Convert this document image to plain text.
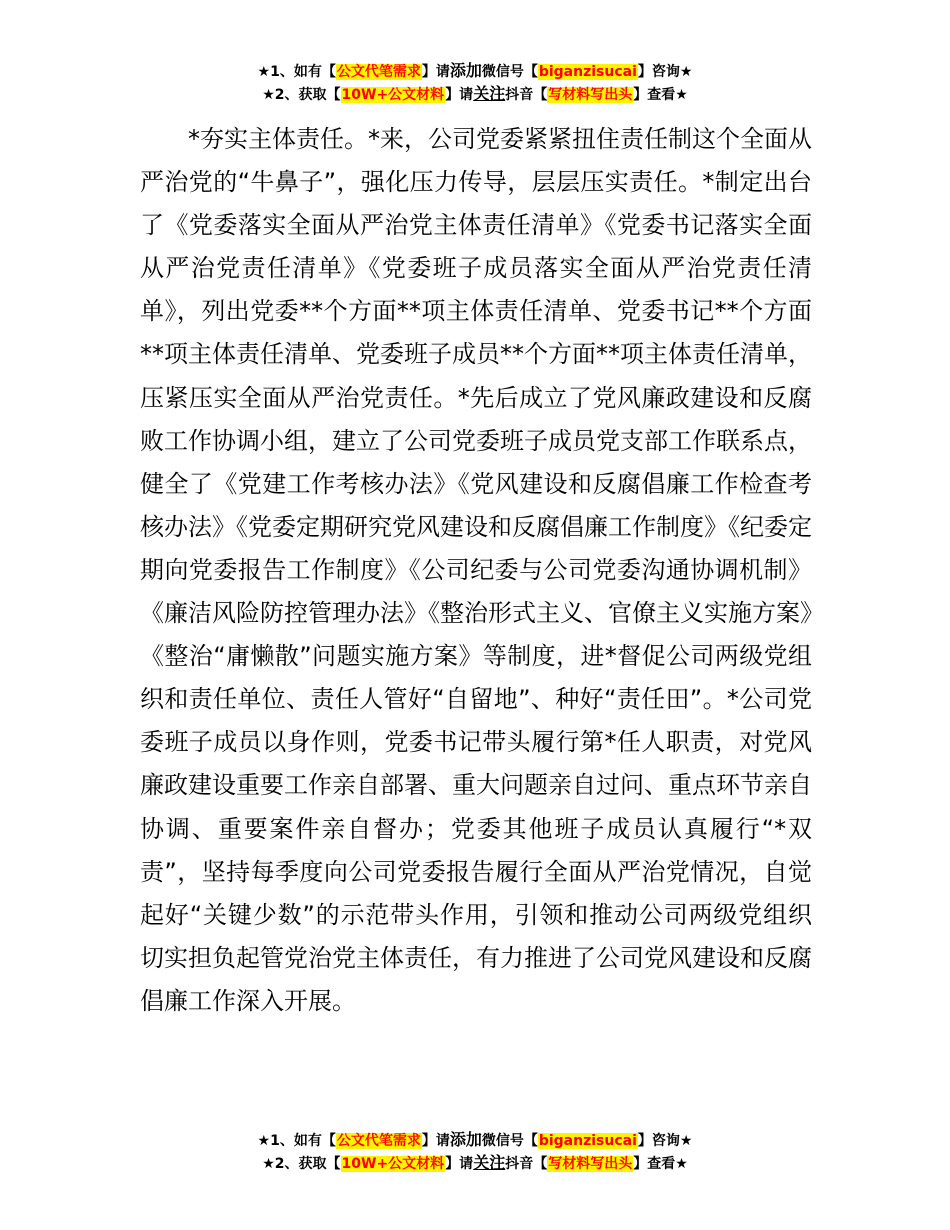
★1、如有【公文代笔需求】请添加微信号【biganzisucai】咨询★
★2、获取【10W+公文材料】请关注抖音【写材料写出头】查看★

*夯实主体责任。*来，公司党委紧紧扭住责任制这个全面从严治党的“牛鼻子”，强化压力传导，层层压实责任。*制定出台了《党委落实全面从严治党主体责任清单》《党委书记落实全面从严治党责任清单》《党委班子成员落实全面从严治党责任清单》，列出党委**个方面**项主体责任清单、党委书记**个方面**项主体责任清单、党委班子成员**个方面**项主体责任清单，压紧压实全面从严治党责任。*先后成立了党风廉政建设和反腐败工作协调小组，建立了公司党委班子成员党支部工作联系点，健全了《党建工作考核办法》《党风建设和反腐倡廉工作检查考核办法》《党委定期研究党风建设和反腐倡廉工作制度》《纪委定期向党委报告工作制度》《公司纪委与公司党委沟通协调机制》《廉洁风险防控管理办法》《整治形式主义、官僚主义实施方案》《整治“庸懒散”问题实施方案》等制度，进*督促公司两级党组织和责任单位、责任人管好“自留地”、种好“责任田”。*公司党委班子成员以身作则，党委书记带头履行第*任人职责，对党风廉政建设重要工作亲自部署、重大问题亲自过问、重点环节亲自协调、重要案件亲自督办；党委其他班子成员认真履行“*双责”，坚持每季度向公司党委报告履行全面从严治党情况，自觉起好“关键少数”的示范带头作用，引领和推动公司两级党组织切实担负起管党治党主体责任，有力推进了公司党风建设和反腐倡廉工作深入开展。

★1、如有【公文代笔需求】请添加微信号【biganzisucai】咨询★
★2、获取【10W+公文材料】请关注抖音【写材料写出头】查看★
